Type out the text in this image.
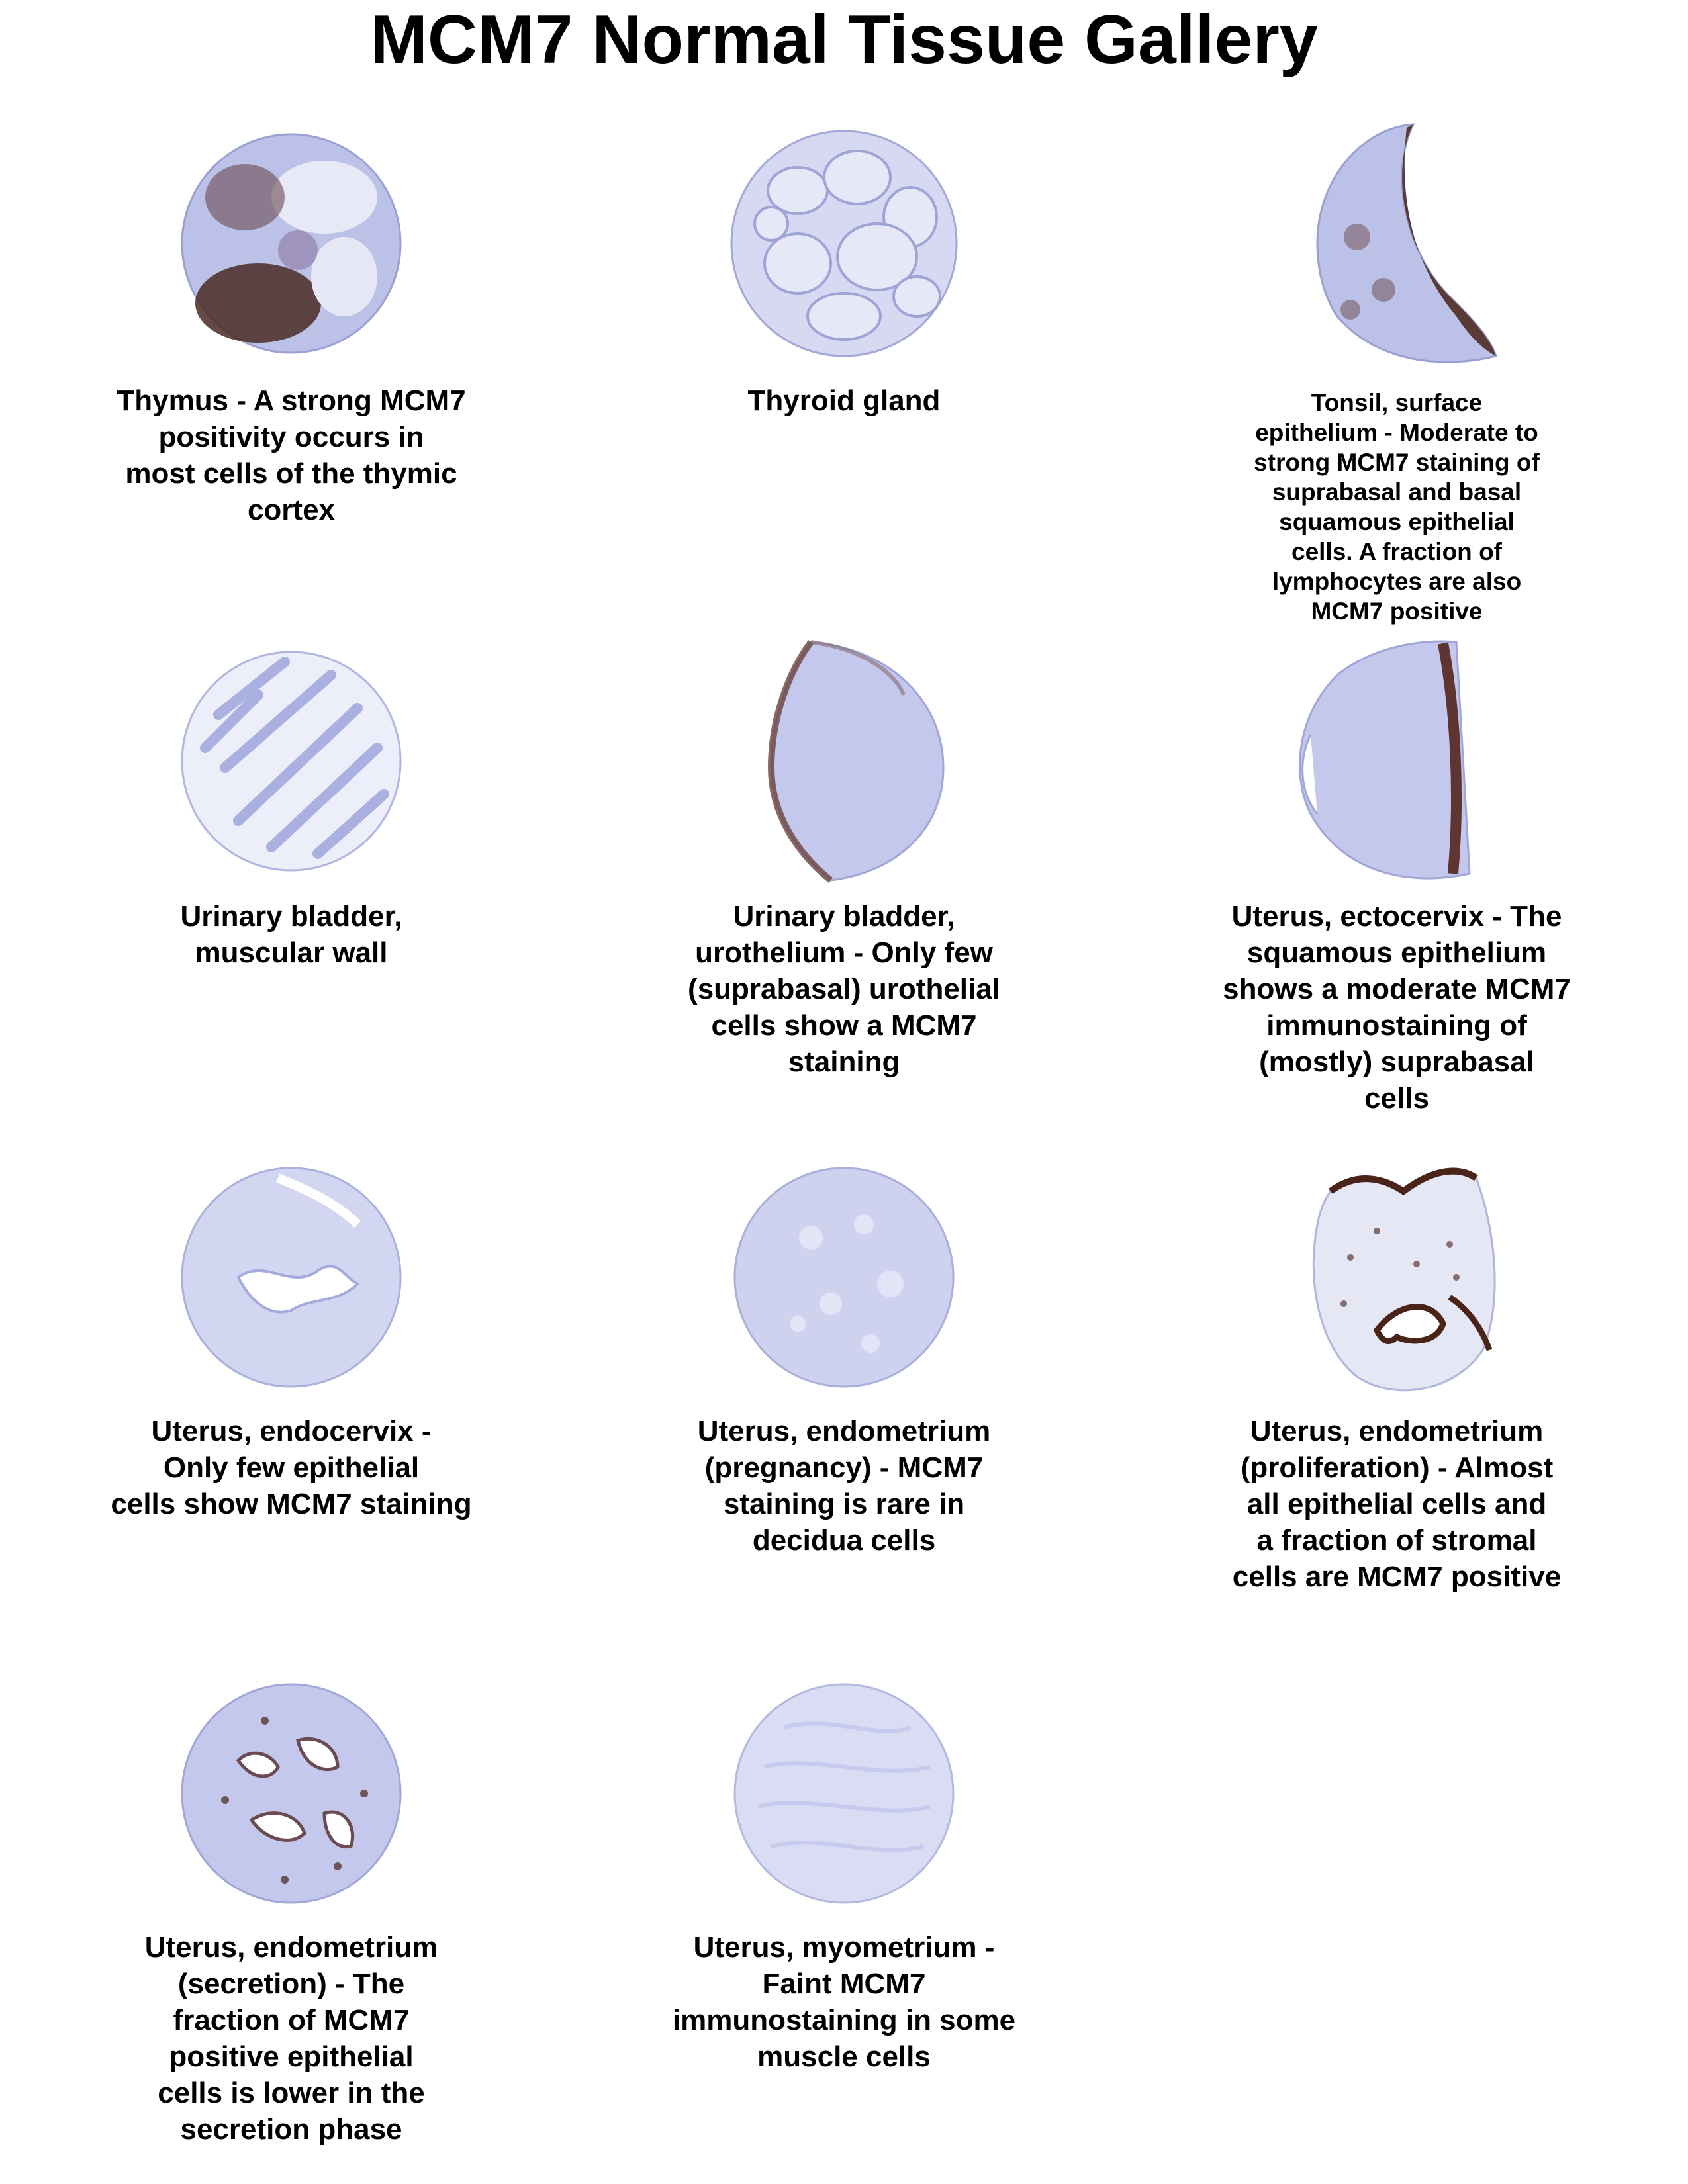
MCM7 Normal Tissue Gallery
Thymus - A strong MCM7
positivity occurs in
most cells of the thymic
cortex
Thyroid gland	Tonsil, surface
epithelium - Moderate to
strong MCM7 staining of
suprabasal and basal
squamous epithelial
cells. A fraction of
lymphocytes are also
MCM7 positive
Urinary bladder,
muscular wall
Urinary bladder,
urothelium - Only few
(suprabasal) urothelial
cells show a MCM7
staining
Uterus, ectocervix - The
squamous epithelium
shows a moderate MCM7
immunostaining of
(mostly) suprabasal
cells
Uterus, endocervix -
Only few epithelial
cells show MCM7 staining
Uterus, endometrium
(pregnancy) - MCM7
staining is rare in
decidua cells
Uterus, endometrium
(proliferation) - Almost
all epithelial cells and
a fraction of stromal
cells are MCM7 positive
Uterus, endometrium
(secretion) - The
fraction of MCM7
positive epithelial
cells is lower in the
secretion phase
Uterus, myometrium -
Faint MCM7
immunostaining in some
muscle cells
